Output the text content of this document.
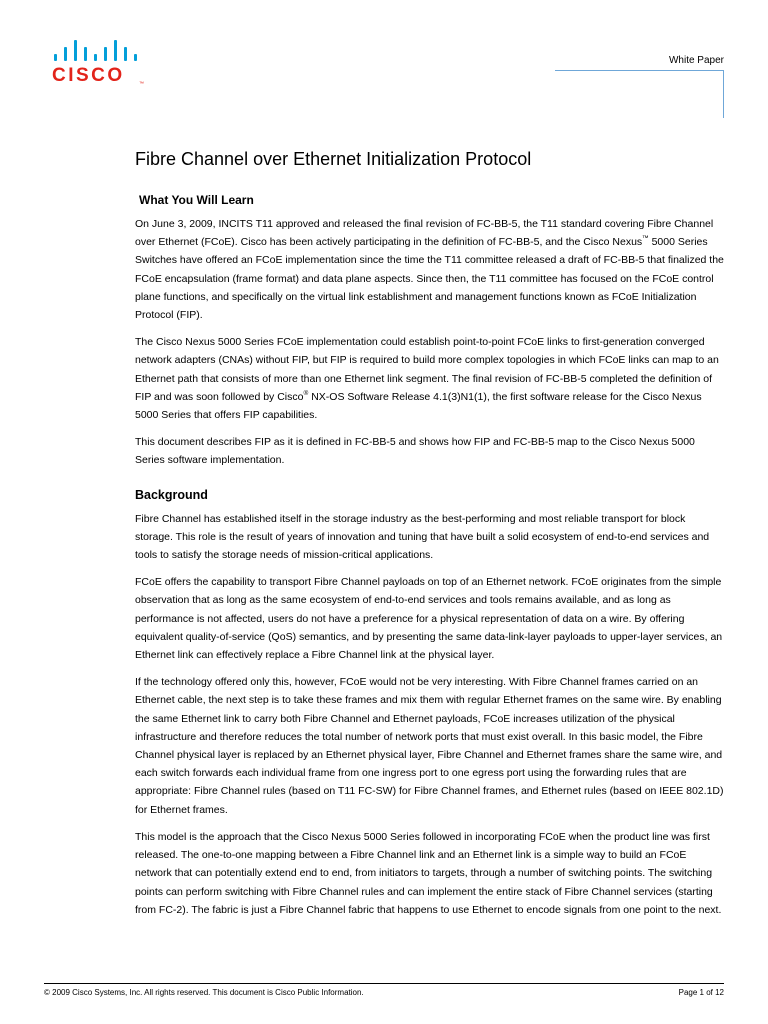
CISCO	™
White Paper
Fibre Channel over Ethernet Initialization Protocol
What You Will Learn

On June 3, 2009, INCITS T11 approved and released the final revision of FC-BB-5, the T11 standard covering Fibre Channel over Ethernet (FCoE). Cisco has been actively participating in the definition of FC-BB-5, and the Cisco Nexus™ 5000 Series Switches have offered an FCoE implementation since the time the T11 committee released a draft of FC-BB-5 that finalized the FCoE encapsulation (frame format) and data plane aspects. Since then, the T11 committee has focused on the FCoE control plane functions, and specifically on the virtual link establishment and management functions known as FCoE Initialization Protocol (FIP).

The Cisco Nexus 5000 Series FCoE implementation could establish point-to-point FCoE links to first-generation converged network adapters (CNAs) without FIP, but FIP is required to build more complex topologies in which FCoE links can map to an Ethernet path that consists of more than one Ethernet link segment. The final revision of FC-BB-5 completed the definition of FIP and was soon followed by Cisco® NX-OS Software Release 4.1(3)N1(1), the first software release for the Cisco Nexus 5000 Series that offers FIP capabilities.

This document describes FIP as it is defined in FC-BB-5 and shows how FIP and FC-BB-5 map to the Cisco Nexus 5000 Series software implementation.

Background

Fibre Channel has established itself in the storage industry as the best-performing and most reliable transport for block storage. This role is the result of years of innovation and tuning that have built a solid ecosystem of end-to-end services and tools to satisfy the storage needs of mission-critical applications.

FCoE offers the capability to transport Fibre Channel payloads on top of an Ethernet network. FCoE originates from the simple observation that as long as the same ecosystem of end-to-end services and tools remains available, and as long as performance is not affected, users do not have a preference for a physical representation of data on a wire. By offering equivalent quality-of-service (QoS) semantics, and by presenting the same data-link-layer payloads to upper-layer services, an Ethernet link can effectively replace a Fibre Channel link at the physical layer.

If the technology offered only this, however, FCoE would not be very interesting. With Fibre Channel frames carried on an Ethernet cable, the next step is to take these frames and mix them with regular Ethernet frames on the same wire. By enabling the same Ethernet link to carry both Fibre Channel and Ethernet payloads, FCoE increases utilization of the physical infrastructure and therefore reduces the total number of network ports that must exist overall. In this basic model, the Fibre Channel physical layer is replaced by an Ethernet physical layer, Fibre Channel and Ethernet frames share the same wire, and each switch forwards each individual frame from one ingress port to one egress port using the forwarding rules that are appropriate: Fibre Channel rules (based on T11 FC-SW) for Fibre Channel frames, and Ethernet rules (based on IEEE 802.1D) for Ethernet frames.

This model is the approach that the Cisco Nexus 5000 Series followed in incorporating FCoE when the product line was first released. The one-to-one mapping between a Fibre Channel link and an Ethernet link is a simple way to build an FCoE network that can potentially extend end to end, from initiators to targets, through a number of switching points. The switching points can perform switching with Fibre Channel rules and can implement the entire stack of Fibre Channel services (starting from FC-2). The fabric is just a Fibre Channel fabric that happens to use Ethernet to encode signals from one point to the next.

© 2009 Cisco Systems, Inc. All rights reserved. This document is Cisco Public Information.	Page 1 of 12
